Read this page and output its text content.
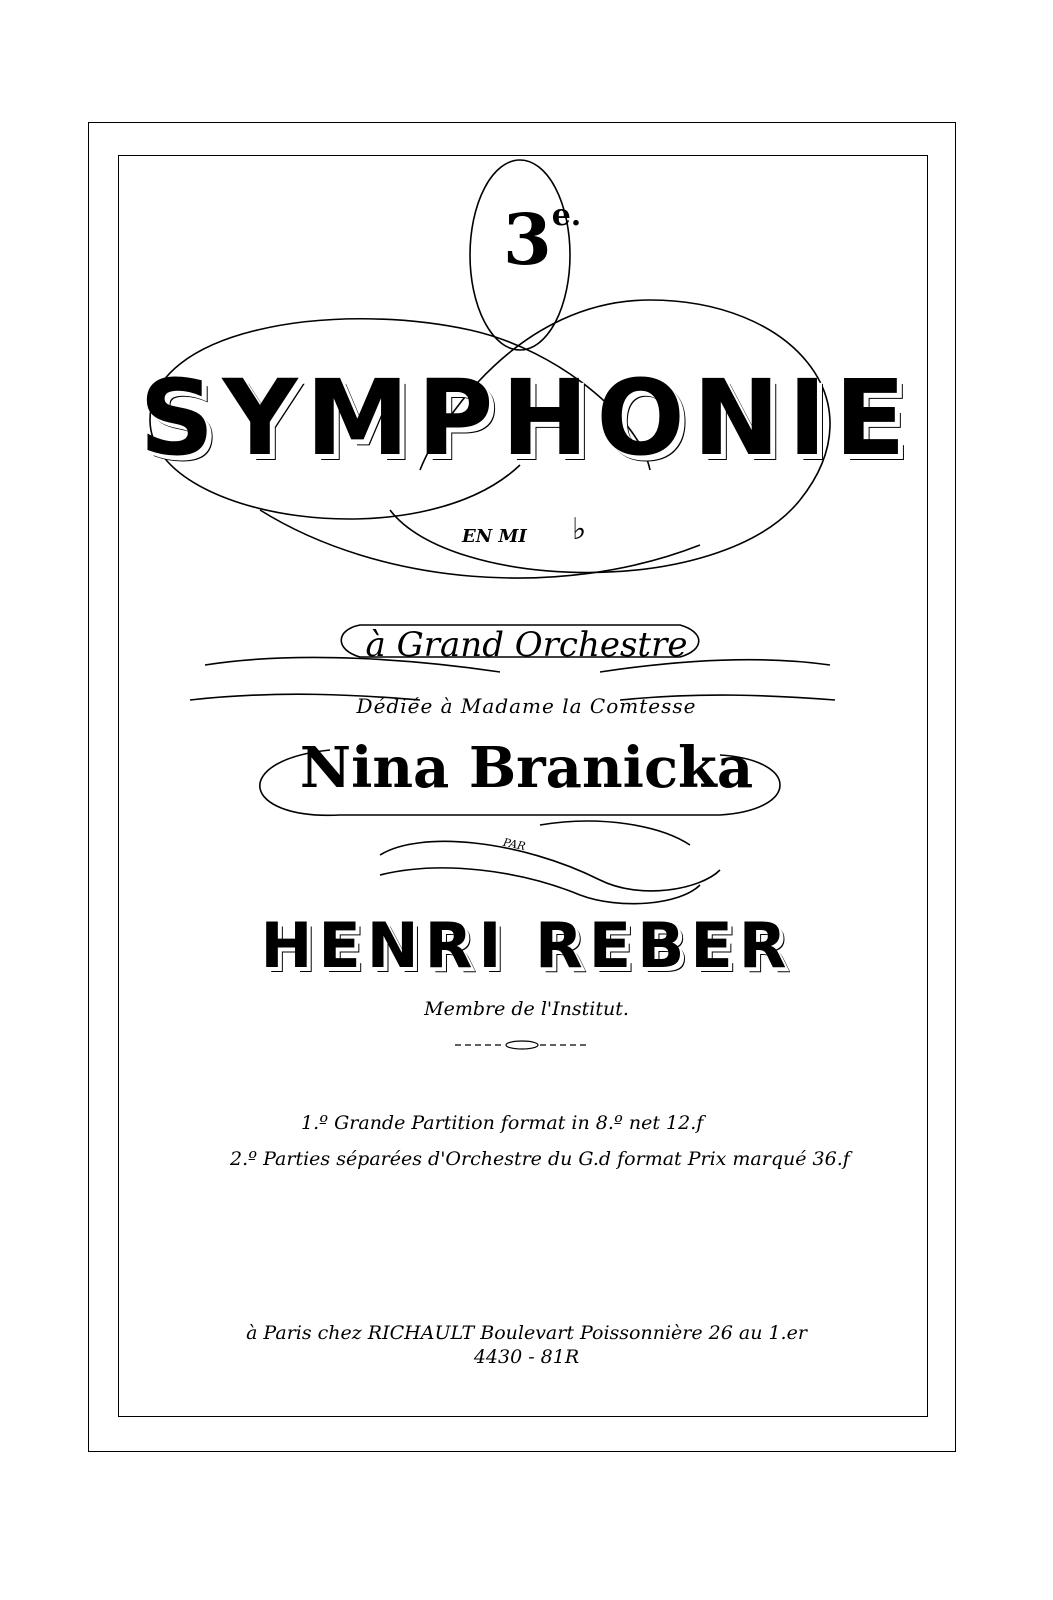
$3^{e.}$
SYMPHONIE
EN MI ♭
à Grand Orchestre
Dédiée à Madame la Comtesse
Nina Branicka
PAR
HENRI REBER
Membre de l'Institut.
1.º Grande Partition format in 8.º net 12.f
2.º Parties séparées d'Orchestre du G.d format Prix marqué 36.f
à Paris chez RICHAULT Boulevart Poissonnière 26 au 1.er
4430 - 81R
